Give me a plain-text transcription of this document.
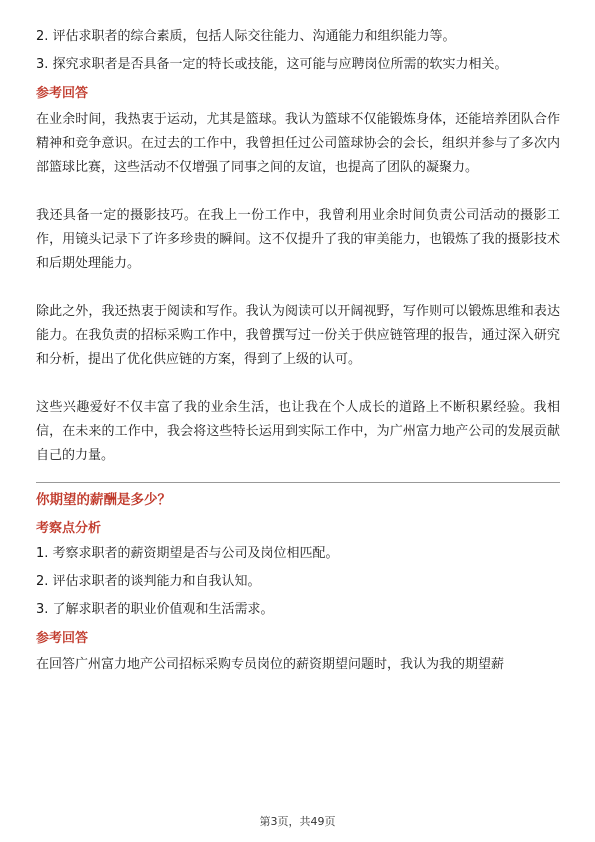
2. 评估求职者的综合素质，包括人际交往能力、沟通能力和组织能力等。
3. 探究求职者是否具备一定的特长或技能，这可能与应聘岗位所需的软实力相关。
参考回答

在业余时间，我热衷于运动，尤其是篮球。我认为篮球不仅能锻炼身体，还能培养团队合作精神和竞争意识。在过去的工作中，我曾担任过公司篮球协会的会长，组织并参与了多次内部篮球比赛，这些活动不仅增强了同事之间的友谊，也提高了团队的凝聚力。

我还具备一定的摄影技巧。在我上一份工作中，我曾利用业余时间负责公司活动的摄影工作，用镜头记录下了许多珍贵的瞬间。这不仅提升了我的审美能力，也锻炼了我的摄影技术和后期处理能力。

除此之外，我还热衷于阅读和写作。我认为阅读可以开阔视野，写作则可以锻炼思维和表达能力。在我负责的招标采购工作中，我曾撰写过一份关于供应链管理的报告，通过深入研究和分析，提出了优化供应链的方案，得到了上级的认可。

这些兴趣爱好不仅丰富了我的业余生活，也让我在个人成长的道路上不断积累经验。我相信，在未来的工作中，我会将这些特长运用到实际工作中，为广州富力地产公司的发展贡献自己的力量。

你期望的薪酬是多少？
考察点分析
1. 考察求职者的薪资期望是否与公司及岗位相匹配。
2. 评估求职者的谈判能力和自我认知。
3. 了解求职者的职业价值观和生活需求。
参考回答

在回答广州富力地产公司招标采购专员岗位的薪资期望问题时，我认为我的期望薪

第3页，共49页
